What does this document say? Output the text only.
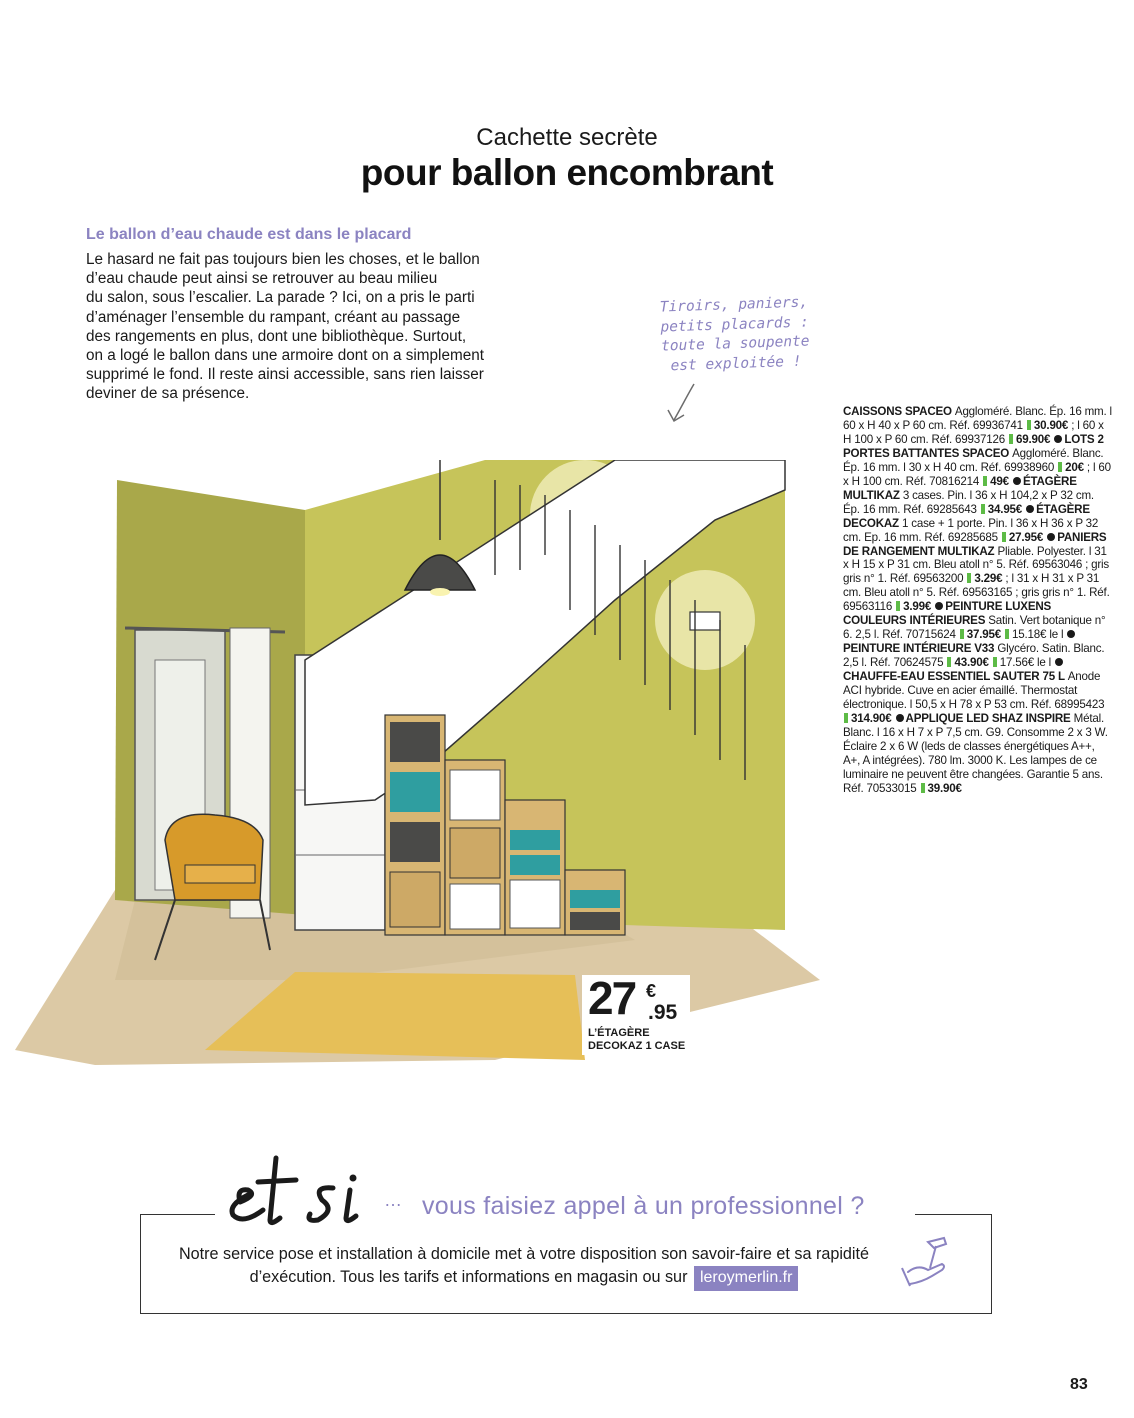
Cachette secrète
pour ballon encombrant
Le ballon d’eau chaude est dans le placard

Le hasard ne fait pas toujours bien les choses, et le ballon
d’eau chaude peut ainsi se retrouver au beau milieu
du salon, sous l’escalier. La parade ? Ici, on a pris le parti
d’aménager l’ensemble du rampant, créant au passage
des rangements en plus, dont une bibliothèque. Surtout,
on a logé le ballon dans une armoire dont on a simplement
supprimé le fond. Il reste ainsi accessible, sans rien laisser
deviner de sa présence.

Tiroirs, paniers,
petits placards :
toute la soupente
est exploitée !

CAISSONS SPACEO Aggloméré. Blanc. Ép. 16 mm. l 60 x H 40 x P 60 cm. Réf. 69936741 30.90€ ; l 60 x H 100 x P 60 cm. Réf. 69937126 69.90€ LOTS 2 PORTES BATTANTES SPACEO Aggloméré. Blanc. Ép. 16 mm. l 30 x H 40 cm. Réf. 69938960 20€ ; l 60 x H 100 cm. Réf. 70816214 49€ ÉTAGÈRE MULTIKAZ 3 cases. Pin. l 36 x H 104,2 x P 32 cm. Ép. 16 mm. Réf. 69285643 34.95€ ÉTAGÈRE DECOKAZ 1 case + 1 porte. Pin. l 36 x H 36 x P 32 cm. Ep. 16 mm. Réf. 69285685 27.95€ PANIERS DE RANGEMENT MULTIKAZ Pliable. Polyester. l 31 x H 15 x P 31 cm. Bleu atoll n° 5. Réf. 69563046 ; gris gris n° 1. Réf. 69563200 3.29€ ; l 31 x H 31 x P 31 cm. Bleu atoll n° 5. Réf. 69563165 ; gris gris n° 1. Réf. 69563116 3.99€ PEINTURE LUXENS COULEURS INTÉRIEURES Satin. Vert botanique n° 6. 2,5 l. Réf. 70715624 37.95€ 15.18€ le l PEINTURE INTÉRIEURE V33 Glycéro. Satin. Blanc. 2,5 l. Réf. 70624575 43.90€ 17.56€ le l CHAUFFE-EAU ESSENTIEL SAUTER 75 L Anode ACI hybride. Cuve en acier émaillé. Thermostat électronique. l 50,5 x H 78 x P 53 cm. Réf. 68995423 314.90€ APPLIQUE LED SHAZ INSPIRE Métal. Blanc. l 16 x H 7 x P 7,5 cm. G9. Consomme 2 x 3 W. Éclaire 2 x 6 W (leds de classes énergétiques A++, A+, A intégrées). 780 lm. 3000 K. Les lampes de ce luminaire ne peuvent être changées. Garantie 5 ans. Réf. 70533015 39.90€

27 €
.95
L’ÉTAGÈRE
DECOKAZ 1 CASE
… vous faisiez appel à un professionnel ?
Notre service pose et installation à domicile met à votre disposition son savoir-faire et sa rapidité d’exécution. Tous les tarifs et informations en magasin ou sur leroymerlin.fr
83
